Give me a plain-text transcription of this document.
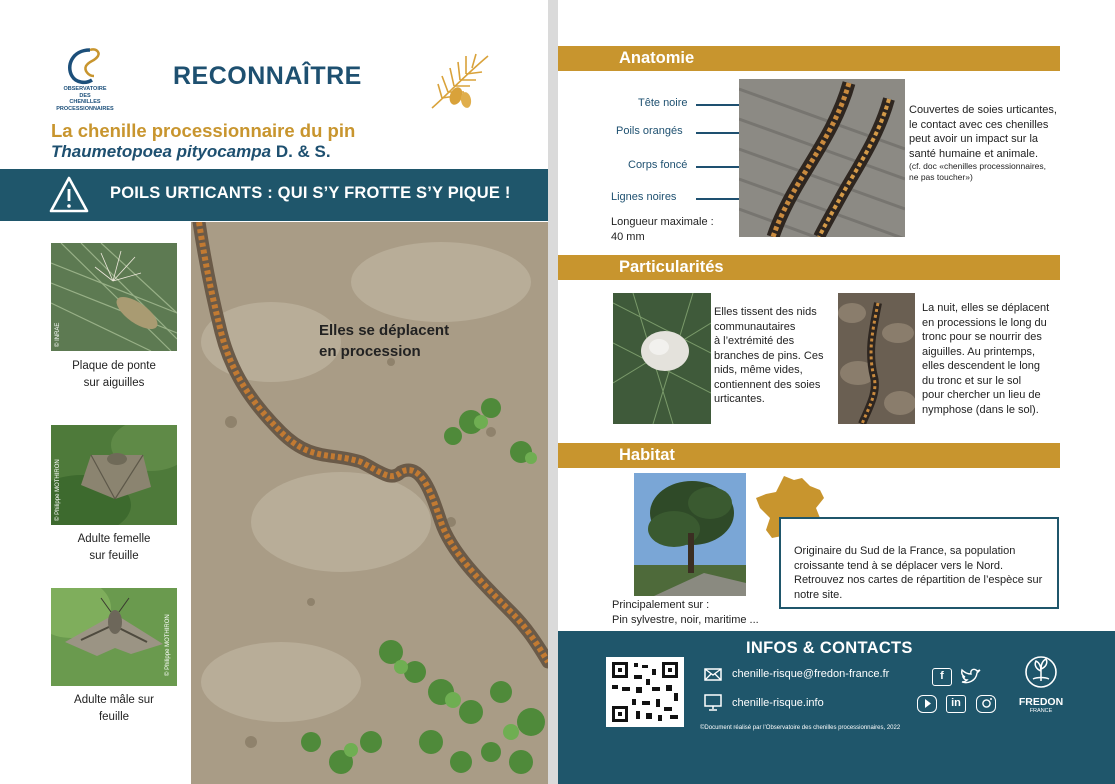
OBSERVATOIRE
DES
CHENILLES PROCESSIONNAIRES
RECONNAÎTRE
La chenille processionnaire du pin
Thaumetopoea pityocampa D. & S.
POILS URTICANTS : QUI S’Y FROTTE S’Y PIQUE !
© INRAE
Plaque de ponte
sur aiguilles
© Philippe MOTHIRON
Adulte femelle
sur feuille
© Philippe MOTHIRON
Adulte mâle sur
feuille
Elles se déplacent
en procession
Anatomie
Tête noire
Poils orangés
Corps foncé
Lignes noires
Longueur maximale :
40 mm
Couvertes de soies urticantes,
le contact avec ces chenilles
peut avoir un impact sur la
santé humaine et animale.
(cf. doc «chenilles processionnaires,
ne pas toucher»)
Particularités
Elles tissent des nids
communautaires
à l’extrémité des
branches de pins. Ces
nids, même vides,
contiennent des soies
urticantes.
La nuit, elles se déplacent
en processions le long du
tronc pour se nourrir des
aiguilles. Au printemps,
elles descendent le long
du tronc et sur le sol
pour chercher un lieu de
nymphose (dans le sol).
Habitat
Originaire du Sud de la France, sa population
croissante tend à se déplacer vers le Nord.
Retrouvez nos cartes de répartition de l’espèce sur
notre site.
Principalement sur :
Pin sylvestre, noir, maritime ...
INFOS & CONTACTS
chenille-risque@fredon-france.fr
chenille-risque.info
f
in
©Document réalisé par l’Observatoire des chenilles processionnaires, 2022
FREDON
FRANCE
